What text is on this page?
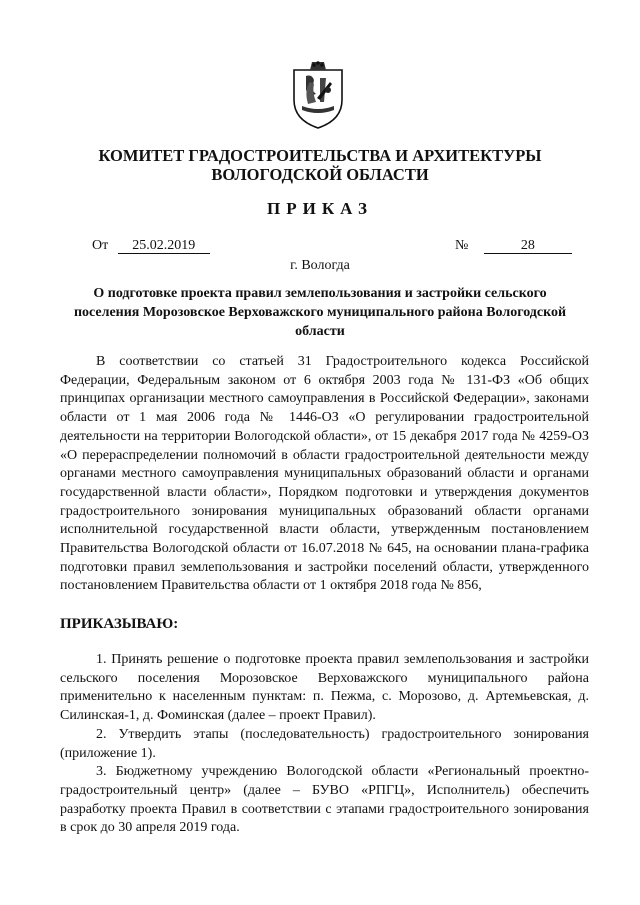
КОМИТЕТ ГРАДОСТРОИТЕЛЬСТВА И АРХИТЕКТУРЫ
ВОЛОГОДСКОЙ ОБЛАСТИ
ПРИКАЗ
От 25.02.2019	№	28
г. Вологда
О подготовке проекта правил землепользования и застройки сельского поселения Морозовское Верховажского муниципального района Вологодской области

В соответствии со статьей 31 Градостроительного кодекса Российской Федерации, Федеральным законом от 6 октября 2003 года № 131-ФЗ «Об общих принципах организации местного самоуправления в Российской Федерации», законами области от 1 мая 2006 года № 1446-ОЗ «О регулировании градостроительной деятельности на территории Вологодской области», от 15 декабря 2017 года № 4259-ОЗ «О перераспределении полномочий в области градостроительной деятельности между органами местного самоуправления муниципальных образований области и органами государственной власти области», Порядком подготовки и утверждения документов градостроительного зонирования муниципальных образований области органами исполнительной государственной власти области, утвержденным постановлением Правительства Вологодской области от 16.07.2018 № 645, на основании плана-графика подготовки правил землепользования и застройки поселений области, утвержденного постановлением Правительства области от 1 октября 2018 года № 856,

ПРИКАЗЫВАЮ:

1. Принять решение о подготовке проекта правил землепользования и застройки сельского поселения Морозовское Верховажского муниципального района применительно к населенным пунктам: п. Пежма, с. Морозово, д. Артемьевская, д. Силинская-1, д. Фоминская (далее – проект Правил).

2. Утвердить этапы (последовательность) градостроительного зонирования (приложение 1).

3. Бюджетному учреждению Вологодской области «Региональный проектно-градостроительный центр» (далее – БУВО «РПГЦ», Исполнитель) обеспечить разработку проекта Правил в соответствии с этапами градостроительного зонирования в срок до 30 апреля 2019 года.
